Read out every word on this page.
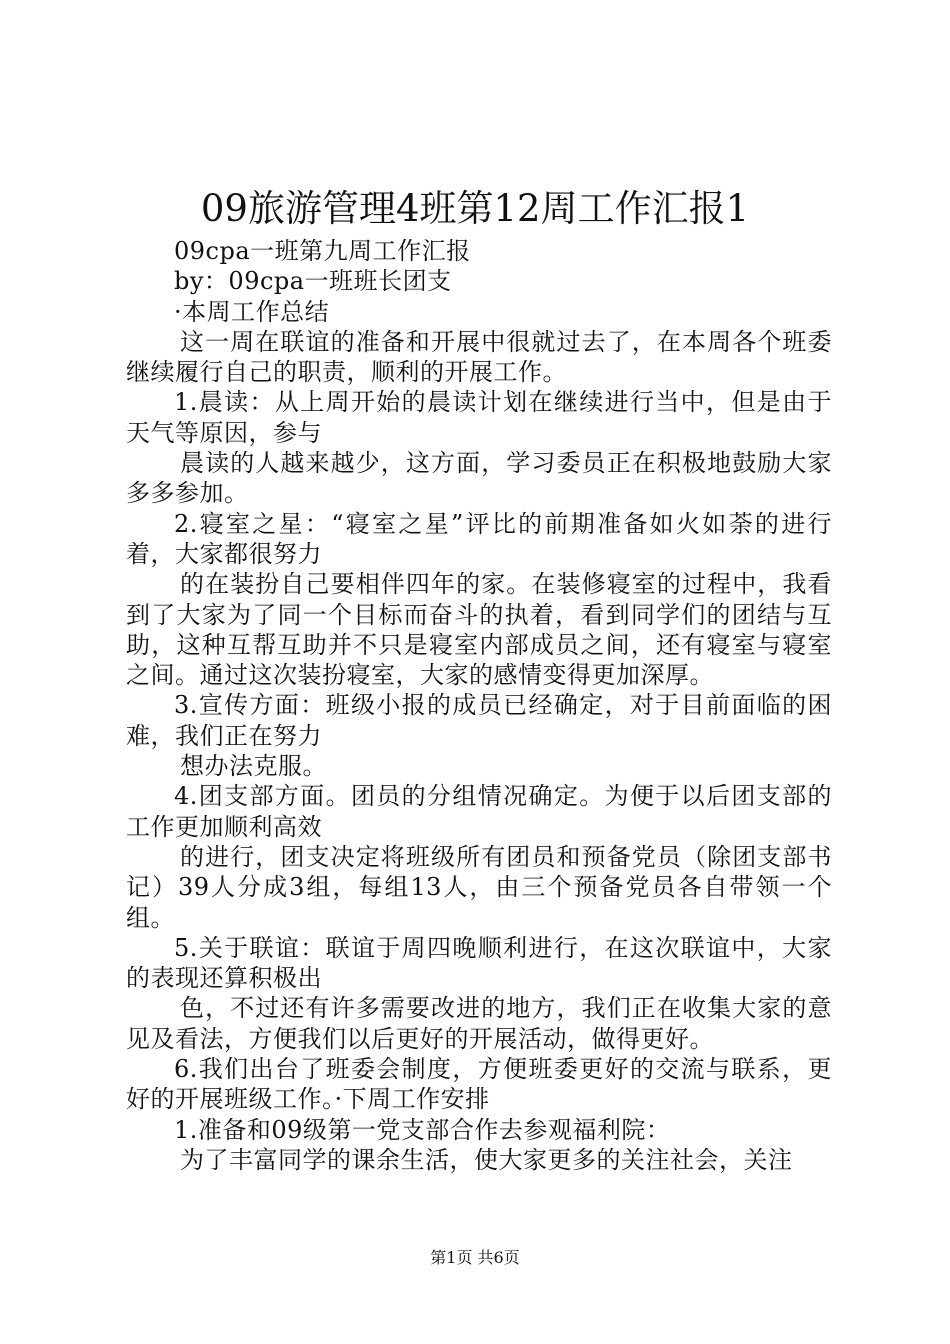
09旅游管理4班第12周工作汇报1

09cpa一班第九周工作汇报

by：09cpa一班班长团支

·本周工作总结

这一周在联谊的准备和开展中很就过去了，在本周各个班委继续履行自己的职责，顺利的开展工作。

1.晨读：从上周开始的晨读计划在继续进行当中，但是由于天气等原因，参与

晨读的人越来越少，这方面，学习委员正在积极地鼓励大家多多参加。

2.寝室之星：“寝室之星”评比的前期准备如火如荼的进行着，大家都很努力

的在装扮自己要相伴四年的家。在装修寝室的过程中，我看到了大家为了同一个目标而奋斗的执着，看到同学们的团结与互助，这种互帮互助并不只是寝室内部成员之间，还有寝室与寝室之间。通过这次装扮寝室，大家的感情变得更加深厚。

3.宣传方面：班级小报的成员已经确定，对于目前面临的困难，我们正在努力

想办法克服。

4.团支部方面。团员的分组情况确定。为便于以后团支部的工作更加顺利高效

的进行，团支决定将班级所有团员和预备党员（除团支部书记）39人分成3组，每组13人，由三个预备党员各自带领一个组。

5.关于联谊：联谊于周四晚顺利进行，在这次联谊中，大家的表现还算积极出

色，不过还有许多需要改进的地方，我们正在收集大家的意见及看法，方便我们以后更好的开展活动，做得更好。

6.我们出台了班委会制度，方便班委更好的交流与联系，更好的开展班级工作。·下周工作安排

1.准备和09级第一党支部合作去参观福利院：

为了丰富同学的课余生活，使大家更多的关注社会，关注

第1页 共6页
